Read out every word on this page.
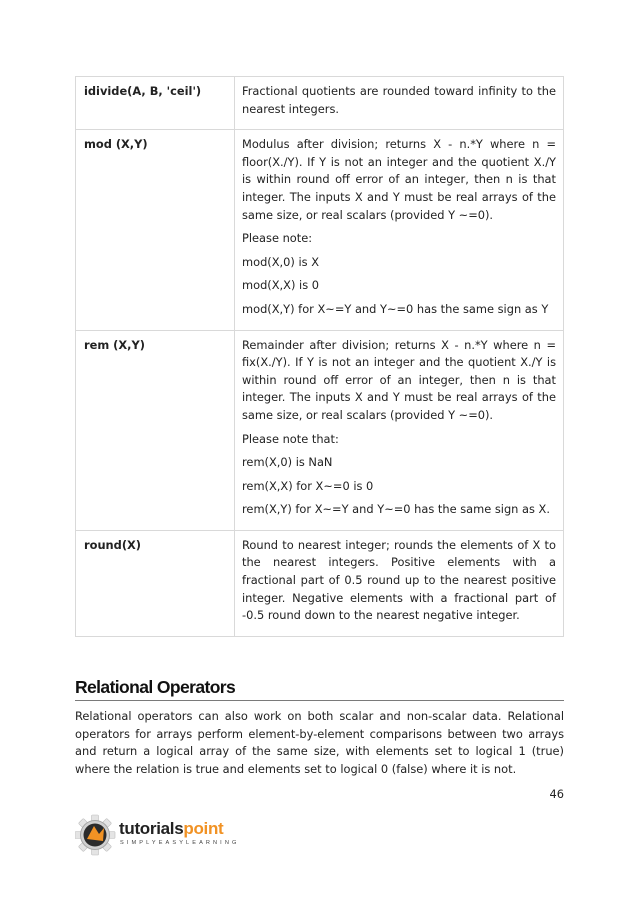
idivide(A, B, 'ceil')	Fractional quotients are rounded toward infinity to the nearest integers.

mod (X,Y)	Modulus after division; returns X - n.*Y where n = floor(X./Y). If Y is not an integer and the quotient X./Y is within round off error of an integer, then n is that integer. The inputs X and Y must be real arrays of the same size, or real scalars (provided Y ~=0).

Please note:

mod(X,0) is X

mod(X,X) is 0

mod(X,Y) for X~=Y and Y~=0 has the same sign as Y

rem (X,Y)	Remainder after division; returns X - n.*Y where n = fix(X./Y). If Y is not an integer and the quotient X./Y is within round off error of an integer, then n is that integer. The inputs X and Y must be real arrays of the same size, or real scalars (provided Y ~=0).

Please note that:

rem(X,0) is NaN

rem(X,X) for X~=0 is 0

rem(X,Y) for X~=Y and Y~=0 has the same sign as X.

round(X)	Round to nearest integer; rounds the elements of X to the nearest integers. Positive elements with a fractional part of 0.5 round up to the nearest positive integer. Negative elements with a fractional part of -0.5 round down to the nearest negative integer.

Relational Operators

Relational operators can also work on both scalar and non-scalar data. Relational operators for arrays perform element-by-element comparisons between two arrays and return a logical array of the same size, with elements set to logical 1 (true) where the relation is true and elements set to logical 0 (false) where it is not.

46
tutorialspoint
SIMPLYEASYLEARNING
